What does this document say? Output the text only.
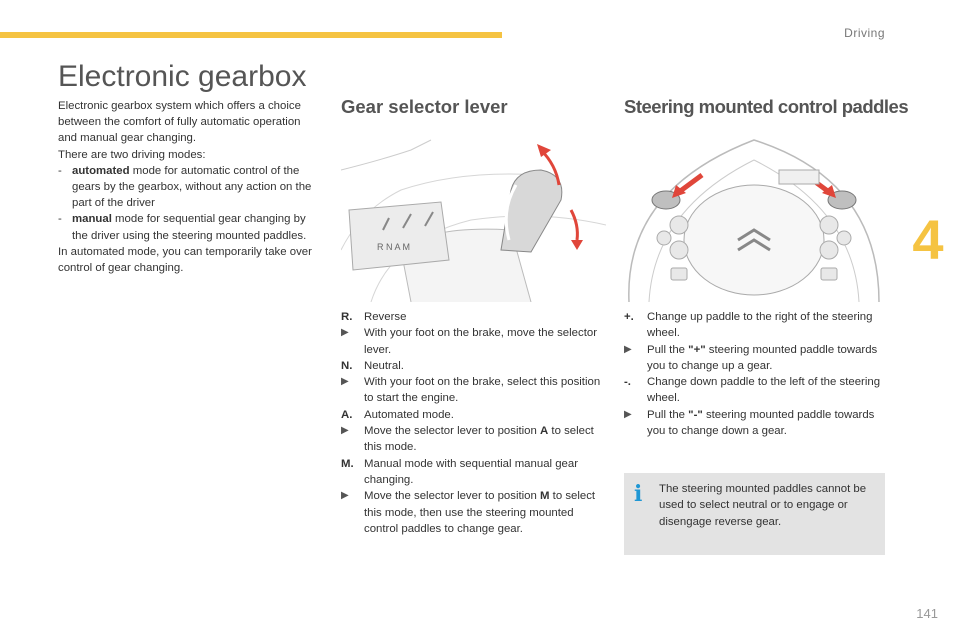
Driving
4
Electronic gearbox

Electronic gearbox system which offers a choice between the comfort of fully automatic operation and manual gear changing.

There are two driving modes:

- automated mode for automatic control of the gears by the gearbox, without any action on the part of the driver
- manual mode for sequential gear changing by the driver using the steering mounted paddles.

In automated mode, you can temporarily take over control of gear changing.

Gear selector lever	Steering mounted control paddles
R N A M
R.	Reverse
▶	With your foot on the brake, move the selector lever.
N.	Neutral.
▶	With your foot on the brake, select this position to start the engine.
A.	Automated mode.
▶	Move the selector lever to position A to select this mode.
M. Manual mode with sequential manual gear changing.
▶	Move the selector lever to position M to select this mode, then use the steering mounted control paddles to change gear.
+.	Change up paddle to the right of the steering wheel.
▶	Pull the "+" steering mounted paddle towards you to change up a gear.
-.	Change down paddle to the left of the steering wheel.
▶	Pull the "-" steering mounted paddle towards you to change down a gear.
i The steering mounted paddles cannot be used to select neutral or to engage or disengage reverse gear.
141
